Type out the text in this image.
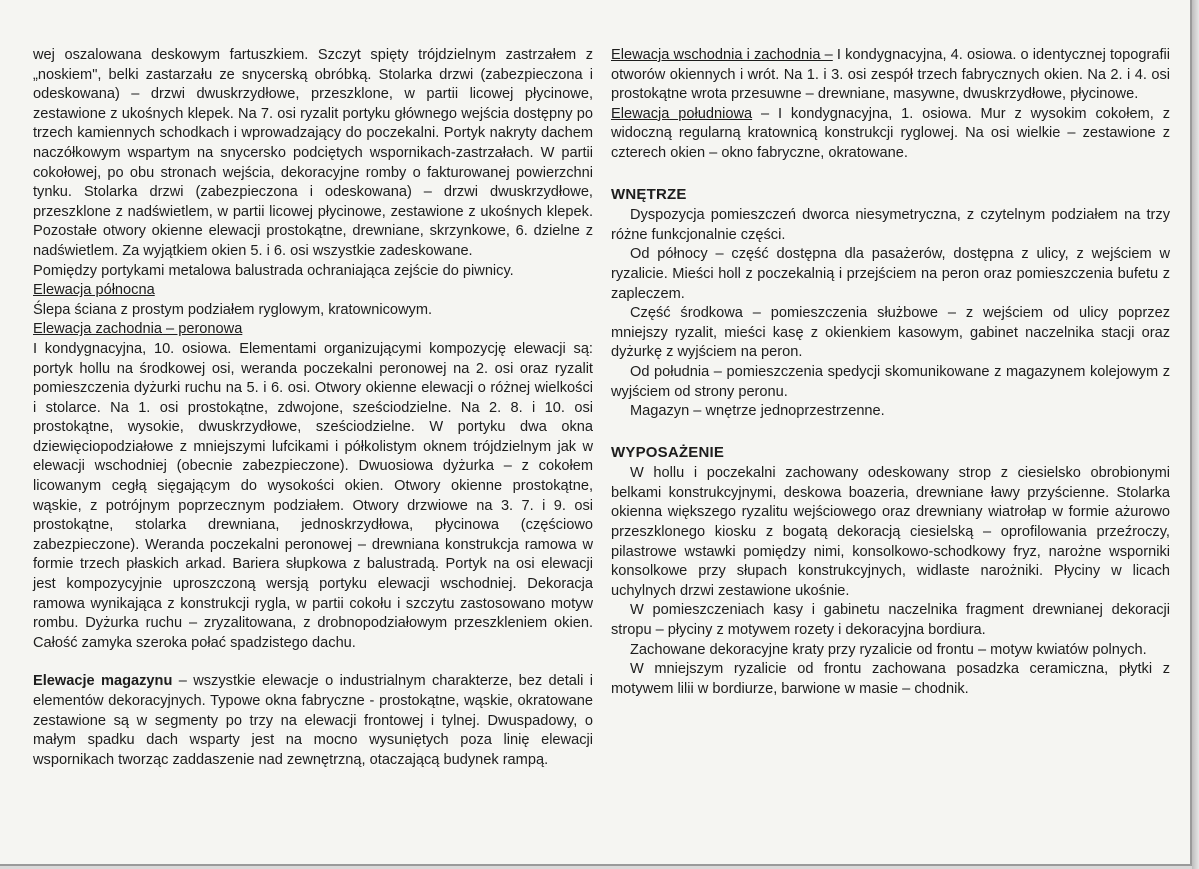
wej oszalowana deskowym fartuszkiem. Szczyt spięty trójdzielnym zastrzałem z „noskiem", belki zastarzału ze snycerską obróbką. Stolarka drzwi (zabezpieczona i odeskowana) – drzwi dwuskrzydłowe, przeszklone, w partii licowej płycinowe, zestawione z ukośnych klepek. Na 7. osi ryzalit portyku głównego wejścia dostępny po trzech kamiennych schodkach i wprowadzający do poczekalni. Portyk nakryty dachem naczółkowym wspartym na snycersko podciętych wspornikach-zastrzałach. W partii cokołowej, po obu stronach wejścia, dekoracyjne romby o fakturowanej powierzchni tynku. Stolarka drzwi (zabezpieczona i odeskowana) – drzwi dwuskrzydłowe, przeszklone z nadświetlem, w partii licowej płycinowe, zestawione z ukośnych klepek. Pozostałe otwory okienne elewacji prostokątne, drewniane, skrzynkowe, 6. dzielne z nadświetlem. Za wyjątkiem okien 5. i 6. osi wszystkie zadeskowane.

Pomiędzy portykami metalowa balustrada ochraniająca zejście do piwnicy.

Elewacja północna

Ślepa ściana z prostym podziałem ryglowym, kratownicowym.

Elewacja zachodnia – peronowa

I kondygnacyjna, 10. osiowa. Elementami organizującymi kompozycję elewacji są: portyk hollu na środkowej osi, weranda poczekalni peronowej na 2. osi oraz ryzalit pomieszczenia dyżurki ruchu na 5. i 6. osi. Otwory okienne elewacji o różnej wielkości i stolarce. Na 1. osi prostokątne, zdwojone, sześciodzielne. Na 2. 8. i 10. osi prostokątne, wysokie, dwuskrzydłowe, sześciodzielne. W portyku dwa okna dziewięciopodziałowe z mniejszymi lufcikami i półkolistym oknem trójdzielnym jak w elewacji wschodniej (obecnie zabezpieczone). Dwuosiowa dyżurka – z cokołem licowanym cegłą sięgającym do wysokości okien. Otwory okienne prostokątne, wąskie, z potrójnym poprzecznym podziałem. Otwory drzwiowe na 3. 7. i 9. osi prostokątne, stolarka drewniana, jednoskrzydłowa, płycinowa (częściowo zabezpieczone). Weranda poczekalni peronowej – drewniana konstrukcja ramowa w formie trzech płaskich arkad. Bariera słupkowa z balustradą. Portyk na osi elewacji jest kompozycyjnie uproszczoną wersją portyku elewacji wschodniej. Dekoracja ramowa wynikająca z konstrukcji rygla, w partii cokołu i szczytu zastosowano motyw rombu. Dyżurka ruchu – zryzalitowana, z drobnopodziałowym przeszkleniem okien. Całość zamyka szeroka połać spadzistego dachu.

Elewacje magazynu – wszystkie elewacje o industrialnym charakterze, bez detali i elementów dekoracyjnych. Typowe okna fabryczne - prostokątne, wąskie, okratowane zestawione są w segmenty po trzy na elewacji frontowej i tylnej. Dwuspadowy, o małym spadku dach wsparty jest na mocno wysuniętych poza linię elewacji wspornikach tworząc zaddaszenie nad zewnętrzną, otaczającą budynek rampą.

Elewacja wschodnia i zachodnia – I kondygnacyjna, 4. osiowa. o identycznej topografii otworów okiennych i wrót. Na 1. i 3. osi zespół trzech fabrycznych okien. Na 2. i 4. osi prostokątne wrota przesuwne – drewniane, masywne, dwuskrzydłowe, płycinowe.

Elewacja południowa – I kondygnacyjna, 1. osiowa. Mur z wysokim cokołem, z widoczną regularną kratownicą konstrukcji ryglowej. Na osi wielkie – zestawione z czterech okien – okno fabryczne, okratowane.

WNĘTRZE

Dyspozycja pomieszczeń dworca niesymetryczna, z czytelnym podziałem na trzy różne funkcjonalnie części.

Od północy – część dostępna dla pasażerów, dostępna z ulicy, z wejściem w ryzalicie. Mieści holl z poczekalnią i przejściem na peron oraz pomieszczenia bufetu z zapleczem.

Część środkowa – pomieszczenia służbowe – z wejściem od ulicy poprzez mniejszy ryzalit, mieści kasę z okienkiem kasowym, gabinet naczelnika stacji oraz dyżurkę z wyjściem na peron.

Od południa – pomieszczenia spedycji skomunikowane z magazynem kolejowym z wyjściem od strony peronu.

Magazyn – wnętrze jednoprzestrzenne.

WYPOSAŻENIE

W hollu i poczekalni zachowany odeskowany strop z ciesielsko obrobionymi belkami konstrukcyjnymi, deskowa boazeria, drewniane ławy przyścienne. Stolarka okienna większego ryzalitu wejściowego oraz drewniany wiatrołap w formie ażurowo przeszklonego kiosku z bogatą dekoracją ciesielską – oprofilowania przeźroczy, pilastrowe wstawki pomiędzy nimi, konsolkowo-schodkowy fryz, narożne wsporniki konsolkowe przy słupach konstrukcyjnych, widlaste narożniki. Płyciny w licach uchylnych drzwi zestawione ukośnie.

W pomieszczeniach kasy i gabinetu naczelnika fragment drewnianej dekoracji stropu – płyciny z motywem rozety i dekoracyjna bordiura.

Zachowane dekoracyjne kraty przy ryzalicie od frontu – motyw kwiatów polnych.

W mniejszym ryzalicie od frontu zachowana posadzka ceramiczna, płytki z motywem lilii w bordiurze, barwione w masie – chodnik.
